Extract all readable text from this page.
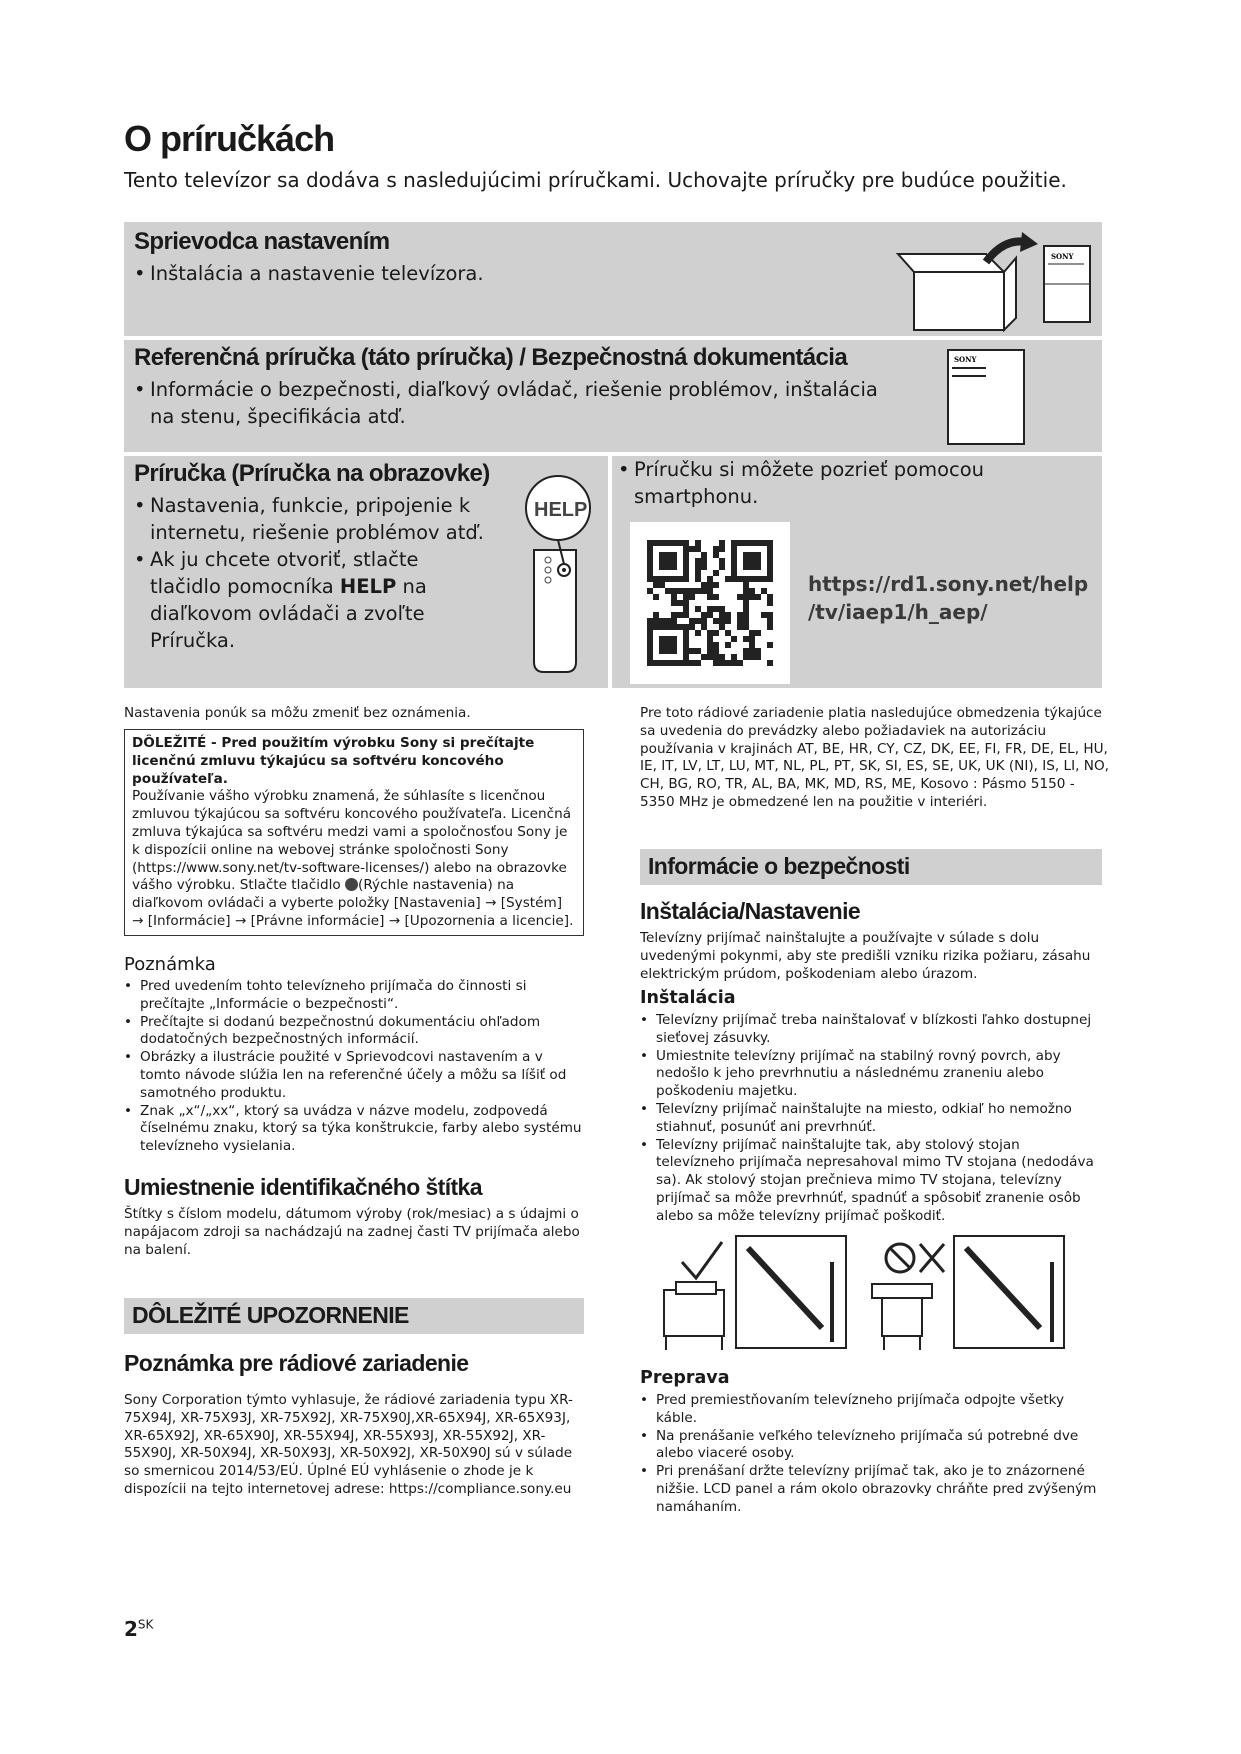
O príručkách
Tento televízor sa dodáva s nasledujúcimi príručkami. Uchovajte príručky pre budúce použitie.
Sprievodca nastavením
• Inštalácia a nastavenie televízora.
SONY
Referenčná príručka (táto príručka) / Bezpečnostná dokumentácia
• Informácie o bezpečnosti, diaľkový ovládač, riešenie problémov, inštalácia na stenu, špecifikácia atď.
SONY
Príručka (Príručka na obrazovke)
• Nastavenia, funkcie, pripojenie k internetu, riešenie problémov atď.
• Ak ju chcete otvoriť, stlačte tlačidlo pomocníka HELP na diaľkovom ovládači a zvoľte Príručka.
HELP
• Príručku si môžete pozrieť pomocou smartphonu.
https://rd1.sony.net/help
/tv/iaep1/h_aep/
Nastavenia ponúk sa môžu zmeniť bez oznámenia.
DÔLEŽITÉ - Pred použitím výrobku Sony si prečítajte licenčnú zmluvu týkajúcu sa softvéru koncového používateľa.
Používanie vášho výrobku znamená, že súhlasíte s licenčnou zmluvou týkajúcou sa softvéru koncového používateľa. Licenčná zmluva týkajúca sa softvéru medzi vami a spoločnosťou Sony je k dispozícii online na webovej stránke spoločnosti Sony (https://www.sony.net/tv-software-licenses/) alebo na obrazovke vášho výrobku. Stlačte tlačidlo (Rýchle nastavenia) na diaľkovom ovládači a vyberte položky [Nastavenia] → [Systém] → [Informácie] → [Právne informácie] → [Upozornenia a licencie].
Poznámka
• Pred uvedením tohto televízneho prijímača do činnosti si prečítajte „Informácie o bezpečnosti“.
• Prečítajte si dodanú bezpečnostnú dokumentáciu ohľadom dodatočných bezpečnostných informácií.
• Obrázky a ilustrácie použité v Sprievodcovi nastavením a v tomto návode slúžia len na referenčné účely a môžu sa líšiť od samotného produktu.
• Znak „x“/„xx“, ktorý sa uvádza v názve modelu, zodpovedá číselnému znaku, ktorý sa týka konštrukcie, farby alebo systému televízneho vysielania.
Umiestnenie identifikačného štítka
Štítky s číslom modelu, dátumom výroby (rok/mesiac) a s údajmi o napájacom zdroji sa nachádzajú na zadnej časti TV prijímača alebo na balení.
DÔLEŽITÉ UPOZORNENIE
Poznámka pre rádiové zariadenie
Sony Corporation týmto vyhlasuje, že rádiové zariadenia typu XR-75X94J, XR-75X93J, XR-75X92J, XR-75X90J,XR-65X94J, XR-65X93J, XR-65X92J, XR-65X90J, XR-55X94J, XR-55X93J, XR-55X92J, XR-55X90J, XR-50X94J, XR-50X93J, XR-50X92J, XR-50X90J sú v súlade so smernicou 2014/53/EÚ. Úplné EÚ vyhlásenie o zhode je k dispozícii na tejto internetovej adrese: https://compliance.sony.eu
Pre toto rádiové zariadenie platia nasledujúce obmedzenia týkajúce sa uvedenia do prevádzky alebo požiadaviek na autorizáciu používania v krajinách AT, BE, HR, CY, CZ, DK, EE, FI, FR, DE, EL, HU, IE, IT, LV, LT, LU, MT, NL, PL, PT, SK, SI, ES, SE, UK, UK (NI), IS, LI, NO, CH, BG, RO, TR, AL, BA, MK, MD, RS, ME, Kosovo : Pásmo 5150 - 5350 MHz je obmedzené len na použitie v interiéri.
Informácie o bezpečnosti
Inštalácia/Nastavenie
Televízny prijímač nainštalujte a používajte v súlade s dolu uvedenými pokynmi, aby ste predišli vzniku rizika požiaru, zásahu elektrickým prúdom, poškodeniam alebo úrazom.
Inštalácia
• Televízny prijímač treba nainštalovať v blízkosti ľahko dostupnej sieťovej zásuvky.
• Umiestnite televízny prijímač na stabilný rovný povrch, aby nedošlo k jeho prevrhnutiu a následnému zraneniu alebo poškodeniu majetku.
• Televízny prijímač nainštalujte na miesto, odkiaľ ho nemožno stiahnuť, posunúť ani prevrhnúť.
• Televízny prijímač nainštalujte tak, aby stolový stojan televízneho prijímača nepresahoval mimo TV stojana (nedodáva sa). Ak stolový stojan prečnieva mimo TV stojana, televízny prijímač sa môže prevrhnúť, spadnúť a spôsobiť zranenie osôb alebo sa môže televízny prijímač poškodiť.
Preprava
• Pred premiestňovaním televízneho prijímača odpojte všetky káble.
• Na prenášanie veľkého televízneho prijímača sú potrebné dve alebo viaceré osoby.
• Pri prenášaní držte televízny prijímač tak, ako je to znázornené nižšie. LCD panel a rám okolo obrazovky chráňte pred zvýšeným namáhaním.
$2^{SK}$
